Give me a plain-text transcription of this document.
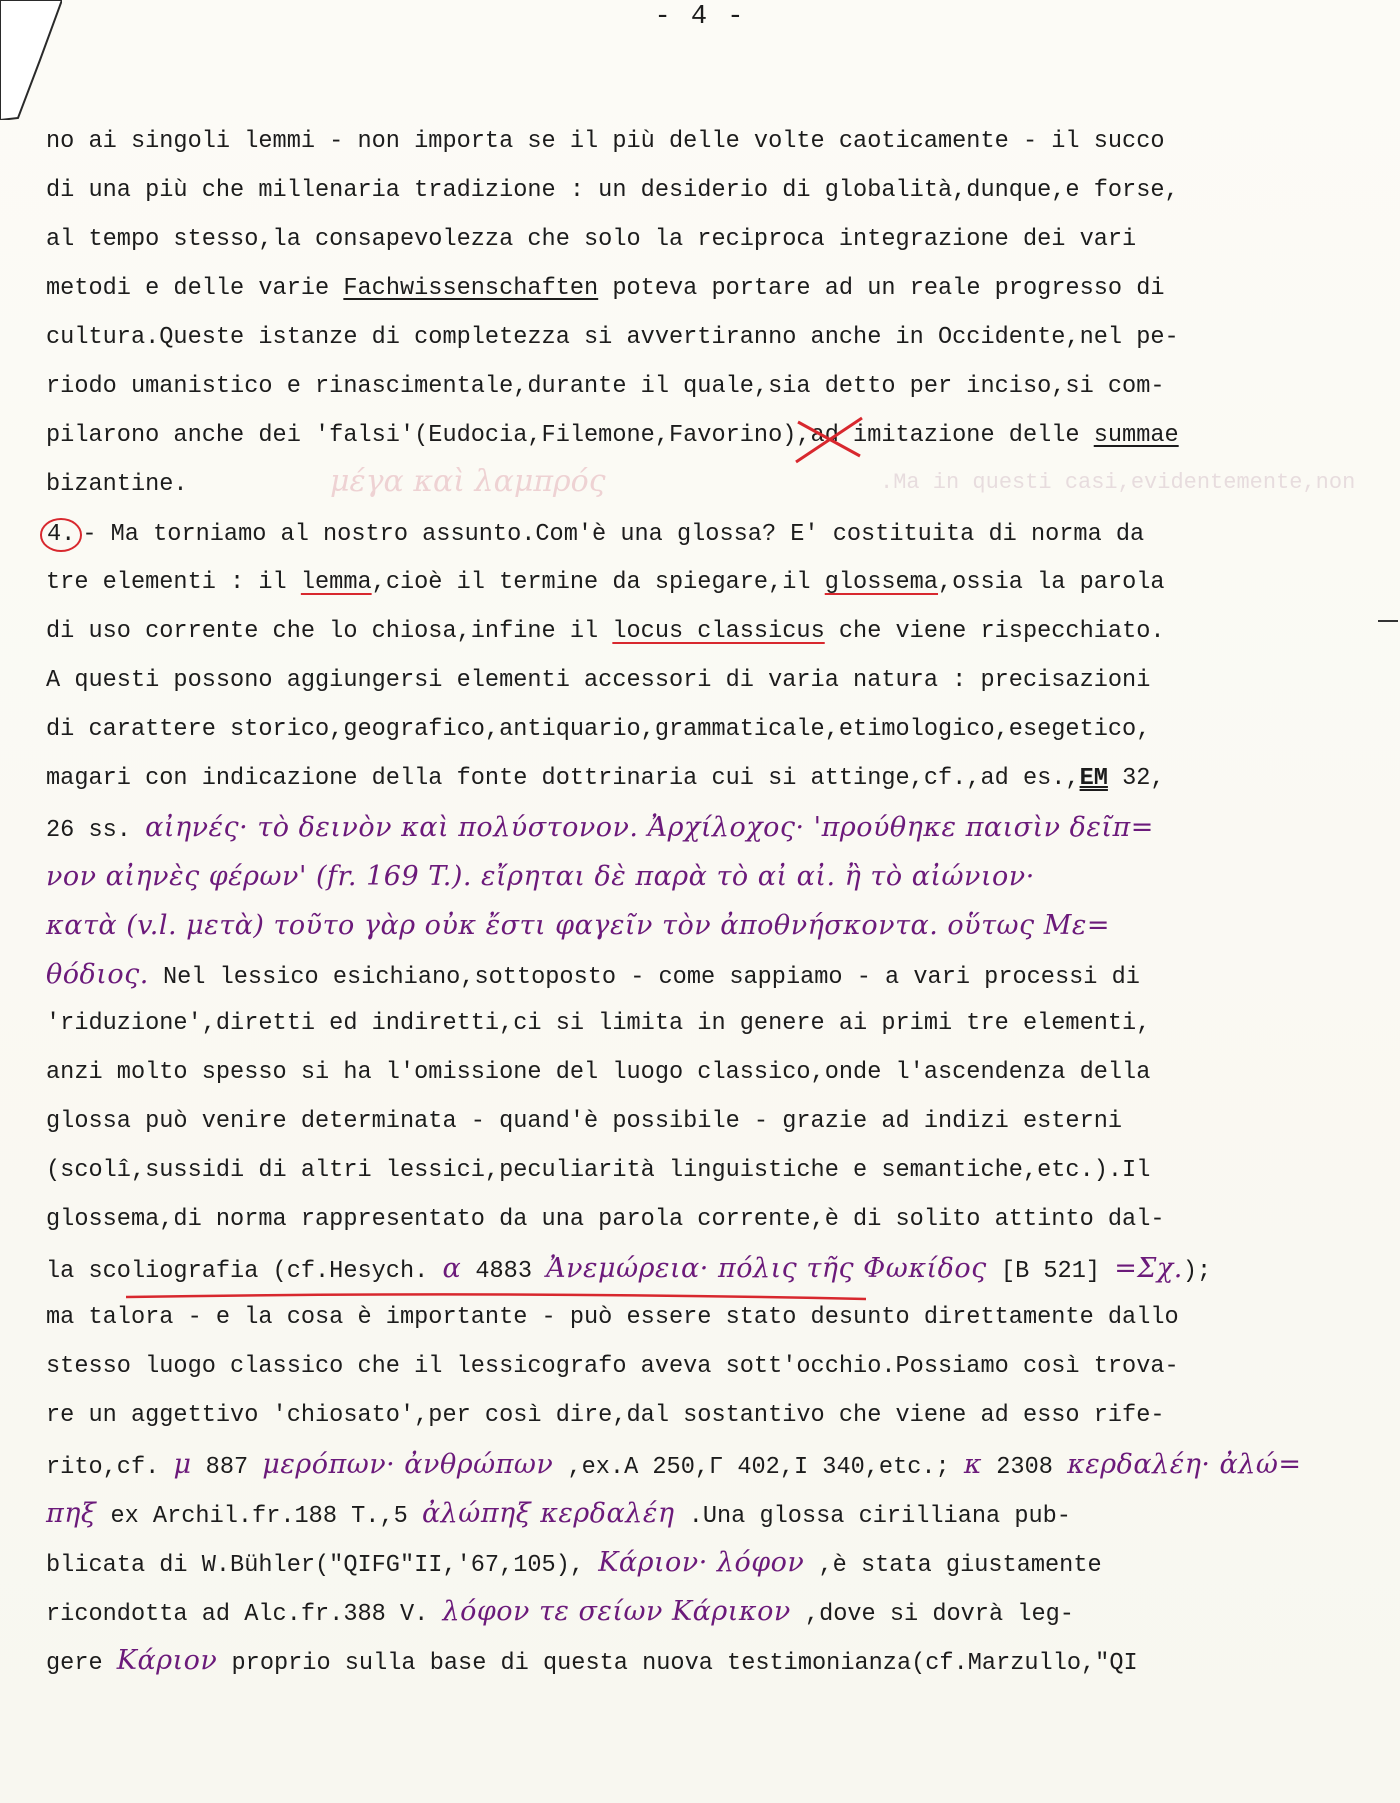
- 4 -
μέγα καὶ λαμπρός	.Ma in questi casi,evidentemente,non
no ai singoli lemmi - non importa se il più delle volte caoticamente - il succo
di una più che millenaria tradizione : un desiderio di globalità,dunque,e forse,
al tempo stesso,la consapevolezza che solo la reciproca integrazione dei vari
metodi e delle varie Fachwissenschaften poteva portare ad un reale progresso di
cultura.Queste istanze di completezza si avvertiranno anche in Occidente,nel pe-
riodo umanistico e rinascimentale,durante il quale,sia detto per inciso,si com-
pilarono anche dei 'falsi'(Eudocia,Filemone,Favorino),ad imitazione delle summae
bizantine.
4. - Ma torniamo al nostro assunto.Com'è una glossa? E' costituita di norma da
tre elementi : il lemma,cioè il termine da spiegare,il glossema,ossia la parola
di uso corrente che lo chiosa,infine il locus classicus che viene rispecchiato.
A questi possono aggiungersi elementi accessori di varia natura : precisazioni
di carattere storico,geografico,antiquario,grammaticale,etimologico,esegetico,
magari con indicazione della fonte dottrinaria cui si attinge,cf.,ad es.,EM 32,
26 ss. αἰηνές· τὸ δεινὸν καὶ πολύστονον. Ἀρχίλοχος· 'προύθηκε παισὶν δεῖπ=
νον αἰηνὲς φέρων' (fr. 169 T.). εἴρηται δὲ παρὰ τὸ αἰ αἰ. ἢ τὸ αἰώνιον·
κατὰ (v.l. μετὰ) τοῦτο γὰρ οὐκ ἔστι φαγεῖν τὸν ἀποθνήσκοντα. οὕτως Με=
θόδιος. Nel lessico esichiano,sottoposto - come sappiamo - a vari processi di
'riduzione',diretti ed indiretti,ci si limita in genere ai primi tre elementi,
anzi molto spesso si ha l'omissione del luogo classico,onde l'ascendenza della
glossa può venire determinata - quand'è possibile - grazie ad indizi esterni
(scolî,sussidi di altri lessici,peculiarità linguistiche e semantiche,etc.).Il
glossema,di norma rappresentato da una parola corrente,è di solito attinto dal-
la scoliografia (cf.Hesych. α 4883 Ἀνεμώρεια· πόλις τῆς Φωκίδος [B 521] =Σχ.);
ma talora - e la cosa è importante - può essere stato desunto direttamente dallo
stesso luogo classico che il lessicografo aveva sott'occhio.Possiamo così trova-
re un aggettivo 'chiosato',per così dire,dal sostantivo che viene ad esso rife-
rito,cf. μ 887 μερόπων· ἀνθρώπων ,ex.A 250,Γ 402,Ι 340,etc.; κ 2308 κερδαλέη· ἀλώ=
πηξ ex Archil.fr.188 T.,5 ἀλώπηξ κερδαλέη .Una glossa cirilliana pub-
blicata di W.Bühler("QIFG"II,'67,105), Κάριον· λόφον ,è stata giustamente
ricondotta ad Alc.fr.388 V. λόφον τε σείων Κάρικον ,dove si dovrà leg-
gere Κάριον proprio sulla base di questa nuova testimonianza(cf.Marzullo,"QI
